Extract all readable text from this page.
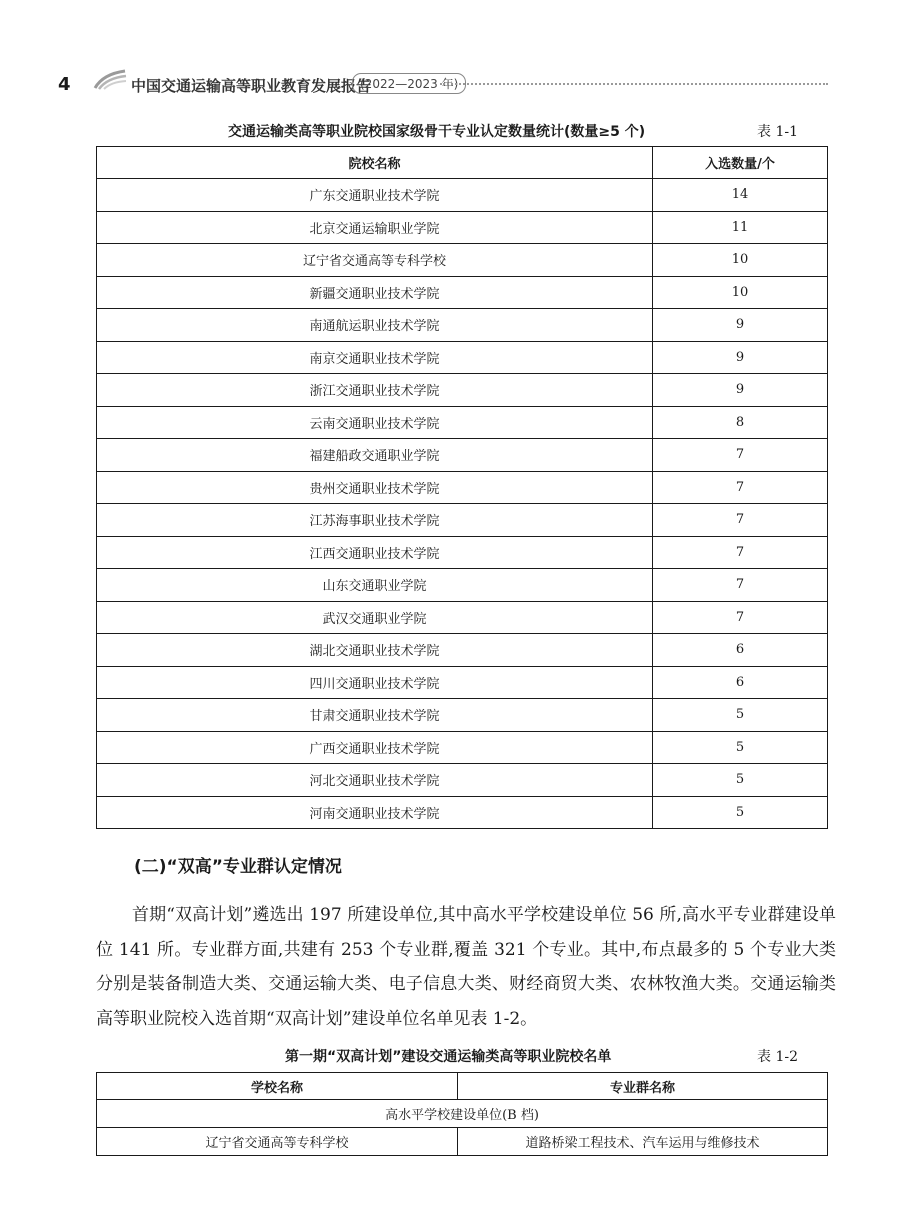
4	中国交通运输高等职业教育发展报告
(2022—2023 年)
交通运输类高等职业院校国家级骨干专业认定数量统计(数量≥5 个)	表 1-1
院校名称	入选数量/个
广东交通职业技术学院	14
北京交通运输职业学院	11
辽宁省交通高等专科学校	10
新疆交通职业技术学院	10
南通航运职业技术学院	9
南京交通职业技术学院	9
浙江交通职业技术学院	9
云南交通职业技术学院	8
福建船政交通职业学院	7
贵州交通职业技术学院	7
江苏海事职业技术学院	7
江西交通职业技术学院	7
山东交通职业学院	7
武汉交通职业学院	7
湖北交通职业技术学院	6
四川交通职业技术学院	6
甘肃交通职业技术学院	5
广西交通职业技术学院	5
河北交通职业技术学院	5
河南交通职业技术学院	5
(二)“双高”专业群认定情况
首期“双高计划”遴选出 197 所建设单位,其中高水平学校建设单位 56 所,高水平专业群建设单位 141 所。专业群方面,共建有 253 个专业群,覆盖 321 个专业。其中,布点最多的 5 个专业大类分别是装备制造大类、交通运输大类、电子信息大类、财经商贸大类、农林牧渔大类。交通运输类高等职业院校入选首期“双高计划”建设单位名单见表 1-2。
第一期“双高计划”建设交通运输类高等职业院校名单	表 1-2
学校名称	专业群名称
高水平学校建设单位(B 档)	
辽宁省交通高等专科学校	道路桥梁工程技术、汽车运用与维修技术
